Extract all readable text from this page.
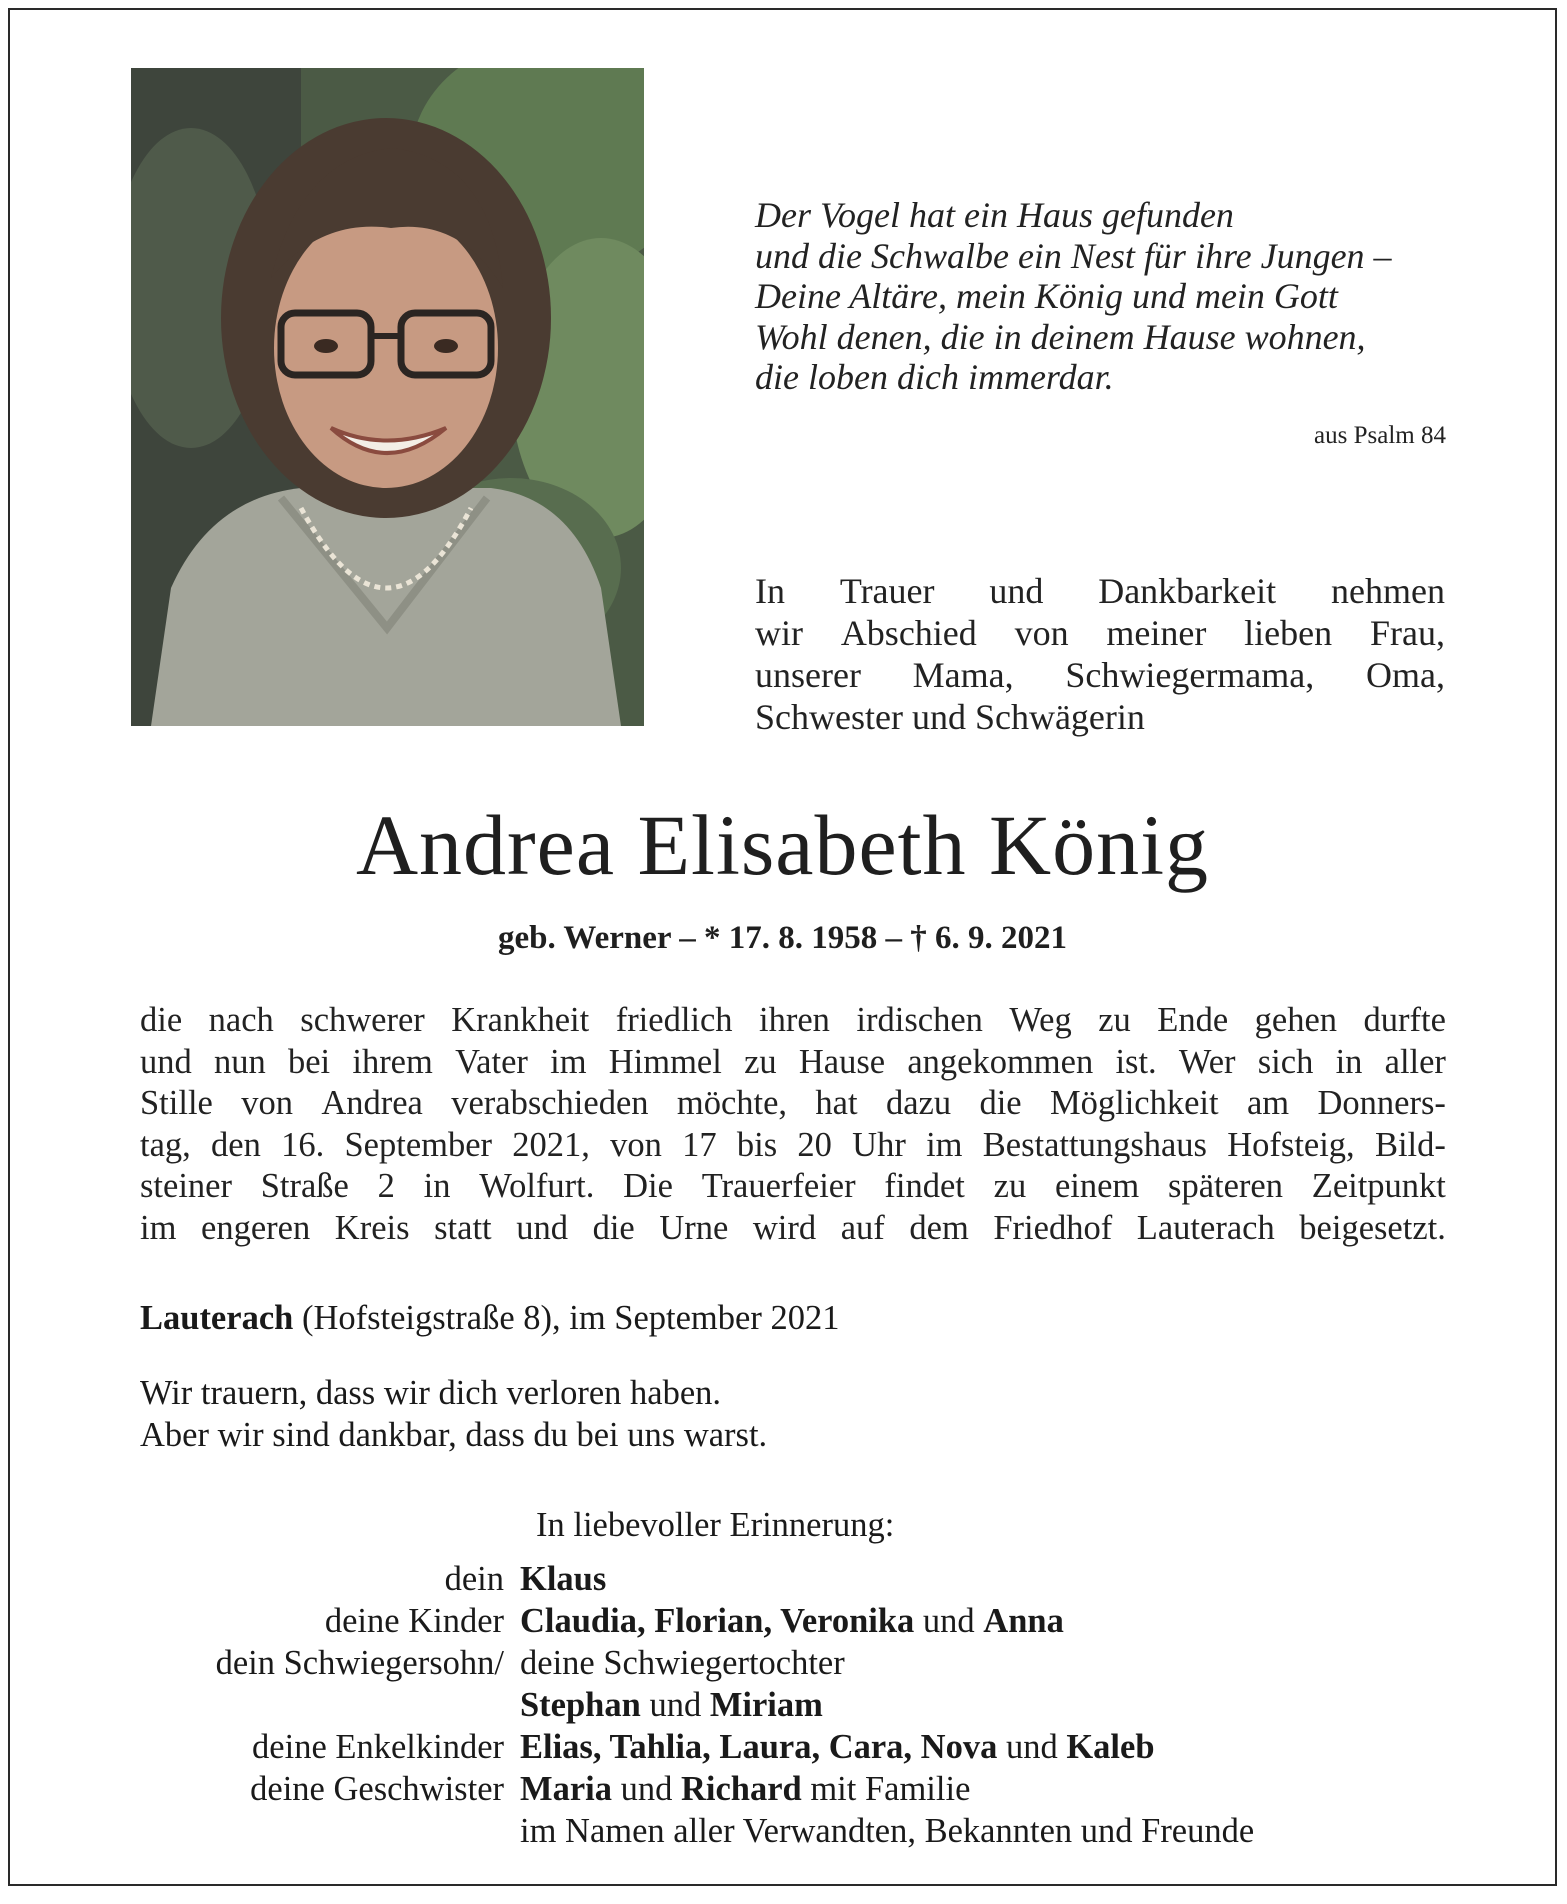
Der Vogel hat ein Haus gefunden
und die Schwalbe ein Nest für ihre Jungen –
Deine Altäre, mein König und mein Gott
Wohl denen, die in deinem Hause wohnen,
die loben dich immerdar.
aus Psalm 84
In Trauer und Dankbarkeit nehmen
wir Abschied von meiner lieben Frau,
unserer Mama, Schwiegermama, Oma,
Schwester und Schwägerin
Andrea Elisabeth König
geb. Werner – * 17. 8. 1958 – † 6. 9. 2021
die nach schwerer Krankheit friedlich ihren irdischen Weg zu Ende gehen durfte
und nun bei ihrem Vater im Himmel zu Hause angekommen ist. Wer sich in aller
Stille von Andrea verabschieden möchte, hat dazu die Möglichkeit am Donners-
tag, den 16. September 2021, von 17 bis 20 Uhr im Bestattungshaus Hofsteig, Bild-
steiner Straße 2 in Wolfurt. Die Trauerfeier findet zu einem späteren Zeitpunkt
im engeren Kreis statt und die Urne wird auf dem Friedhof Lauterach beigesetzt.
Lauterach (Hofsteigstraße 8), im September 2021
Wir trauern, dass wir dich verloren haben.
Aber wir sind dankbar, dass du bei uns warst.
In liebevoller Erinnerung:
dein Klaus
deine Kinder Claudia, Florian, Veronika und Anna
dein Schwiegersohn/ deine Schwiegertochter
Stephan und Miriam
deine Enkelkinder Elias, Tahlia, Laura, Cara, Nova und Kaleb
deine Geschwister Maria und Richard mit Familie
im Namen aller Verwandten, Bekannten und Freunde
